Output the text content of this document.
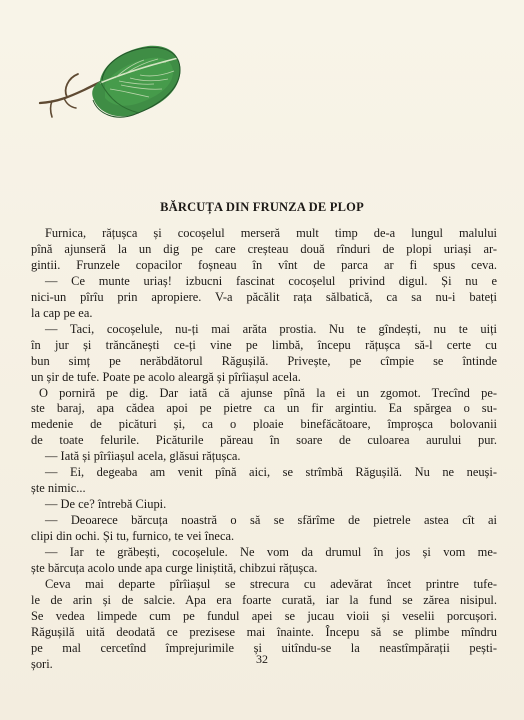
BĂRCUȚA DIN FRUNZA DE PLOP
Furnica, rățușca și cocoșelul merseră mult timp de-a lungul malului
pînă ajunseră la un dig pe care creșteau două rînduri de plopi uriași ar-
gintii. Frunzele copacilor foșneau în vînt de parca ar fi spus ceva.
— Ce munte uriaș! izbucni fascinat cocoșelul privind digul. Și nu e
nici-un pîrîu prin apropiere. V-a păcălit rața sălbatică, ca sa nu-i bateți
la cap pe ea.
— Taci, cocoșelule, nu-ți mai arăta prostia. Nu te gîndești, nu te uiți
în jur și trăncănești ce-ți vine pe limbă, începu rățușca să-l certe cu
bun simț pe nerăbdătorul Răgușilă. Privește, pe cîmpie se întinde
un șir de tufe. Poate pe acolo aleargă și pîrîiașul acela.
O porniră pe dig. Dar iată că ajunse pînă la ei un zgomot. Trecînd pe-
ste baraj, apa cădea apoi pe pietre ca un fir argintiu. Ea spărgea o su-
medenie de picături și, ca o ploaie binefăcătoare, împroșca bolovanii
de toate felurile. Picăturile păreau în soare de culoarea aurului pur.
— Iată și pîrîiașul acela, glăsui rățușca.
— Ei, degeaba am venit pînă aici, se strîmbă Răgușilă. Nu ne neuși-
ște nimic...
— De ce? întrebă Ciupi.
— Deoarece bărcuța noastră o să se sfărîme de pietrele astea cît ai
clipi din ochi. Și tu, furnico, te vei îneca.
— Iar te grăbești, cocoșelule. Ne vom da drumul în jos și vom me-
ște bărcuța acolo unde apa curge liniștită, chibzui rățușca.
Ceva mai departe pîrîiașul se strecura cu adevărat încet printre tufe-
le de arin și de salcie. Apa era foarte curată, iar la fund se zărea nisipul.
Se vedea limpede cum pe fundul apei se jucau vioii și veselii porcușori.
Răgușilă uită deodată ce prezisese mai înainte. Începu să se plimbe mîndru
pe mal cercetînd împrejurimile și uitîndu-se la neastîmpărații pești-
șori.	32
